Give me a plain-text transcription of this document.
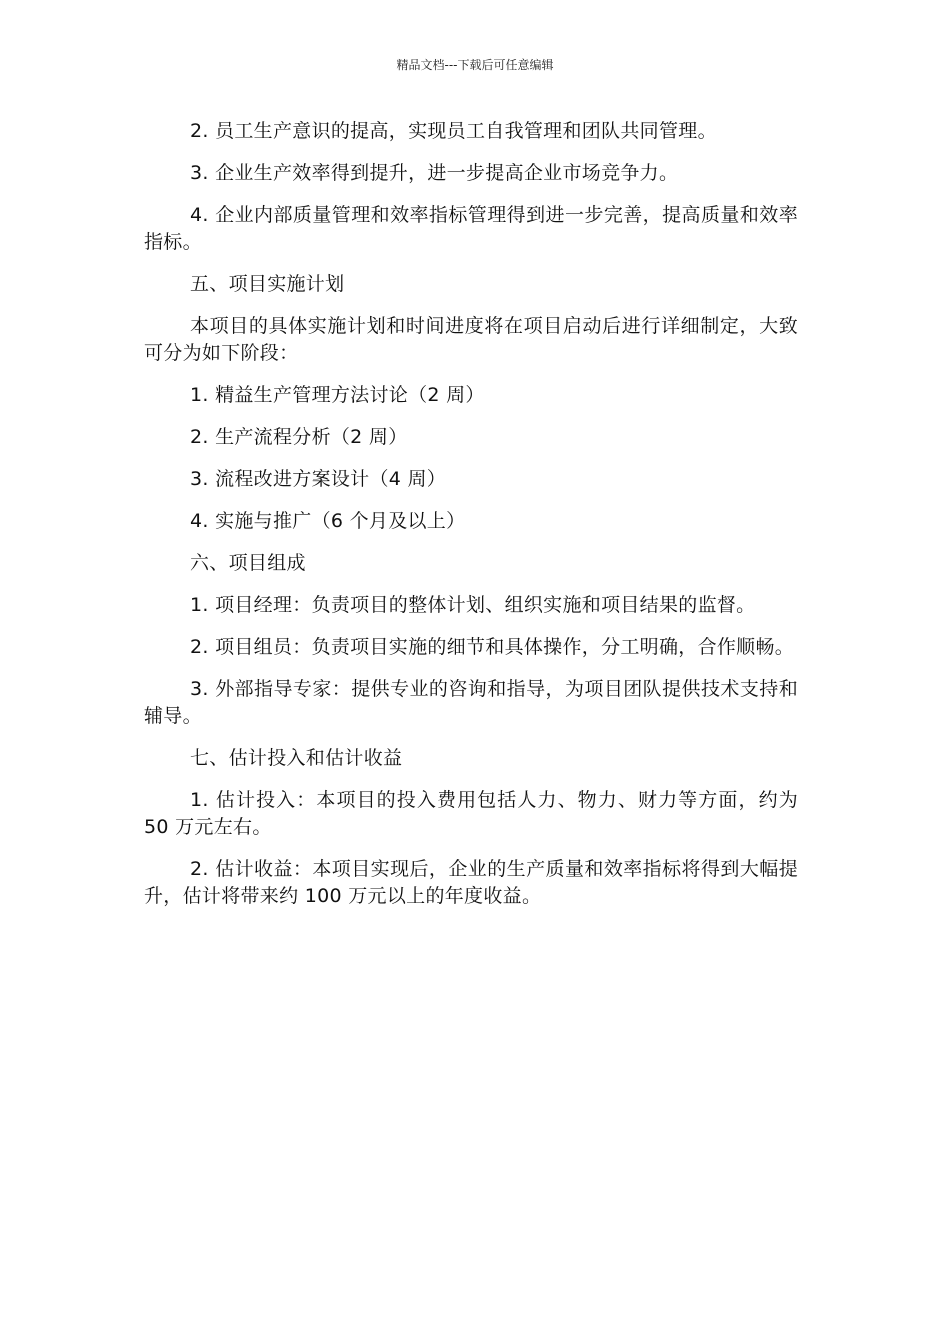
精品文档---下载后可任意编辑

2. 员工生产意识的提高，实现员工自我管理和团队共同管理。

3. 企业生产效率得到提升，进一步提高企业市场竞争力。

4. 企业内部质量管理和效率指标管理得到进一步完善，提高质量和效率指标。

五、项目实施计划

本项目的具体实施计划和时间进度将在项目启动后进行详细制定，大致可分为如下阶段：

1. 精益生产管理方法讨论（2 周）

2. 生产流程分析（2 周）

3. 流程改进方案设计（4 周）

4. 实施与推广（6 个月及以上）

六、项目组成

1. 项目经理：负责项目的整体计划、组织实施和项目结果的监督。

2. 项目组员：负责项目实施的细节和具体操作，分工明确，合作顺畅。

3. 外部指导专家：提供专业的咨询和指导，为项目团队提供技术支持和辅导。

七、估计投入和估计收益

1. 估计投入：本项目的投入费用包括人力、物力、财力等方面，约为 50 万元左右。

2. 估计收益：本项目实现后，企业的生产质量和效率指标将得到大幅提升，估计将带来约 100 万元以上的年度收益。
